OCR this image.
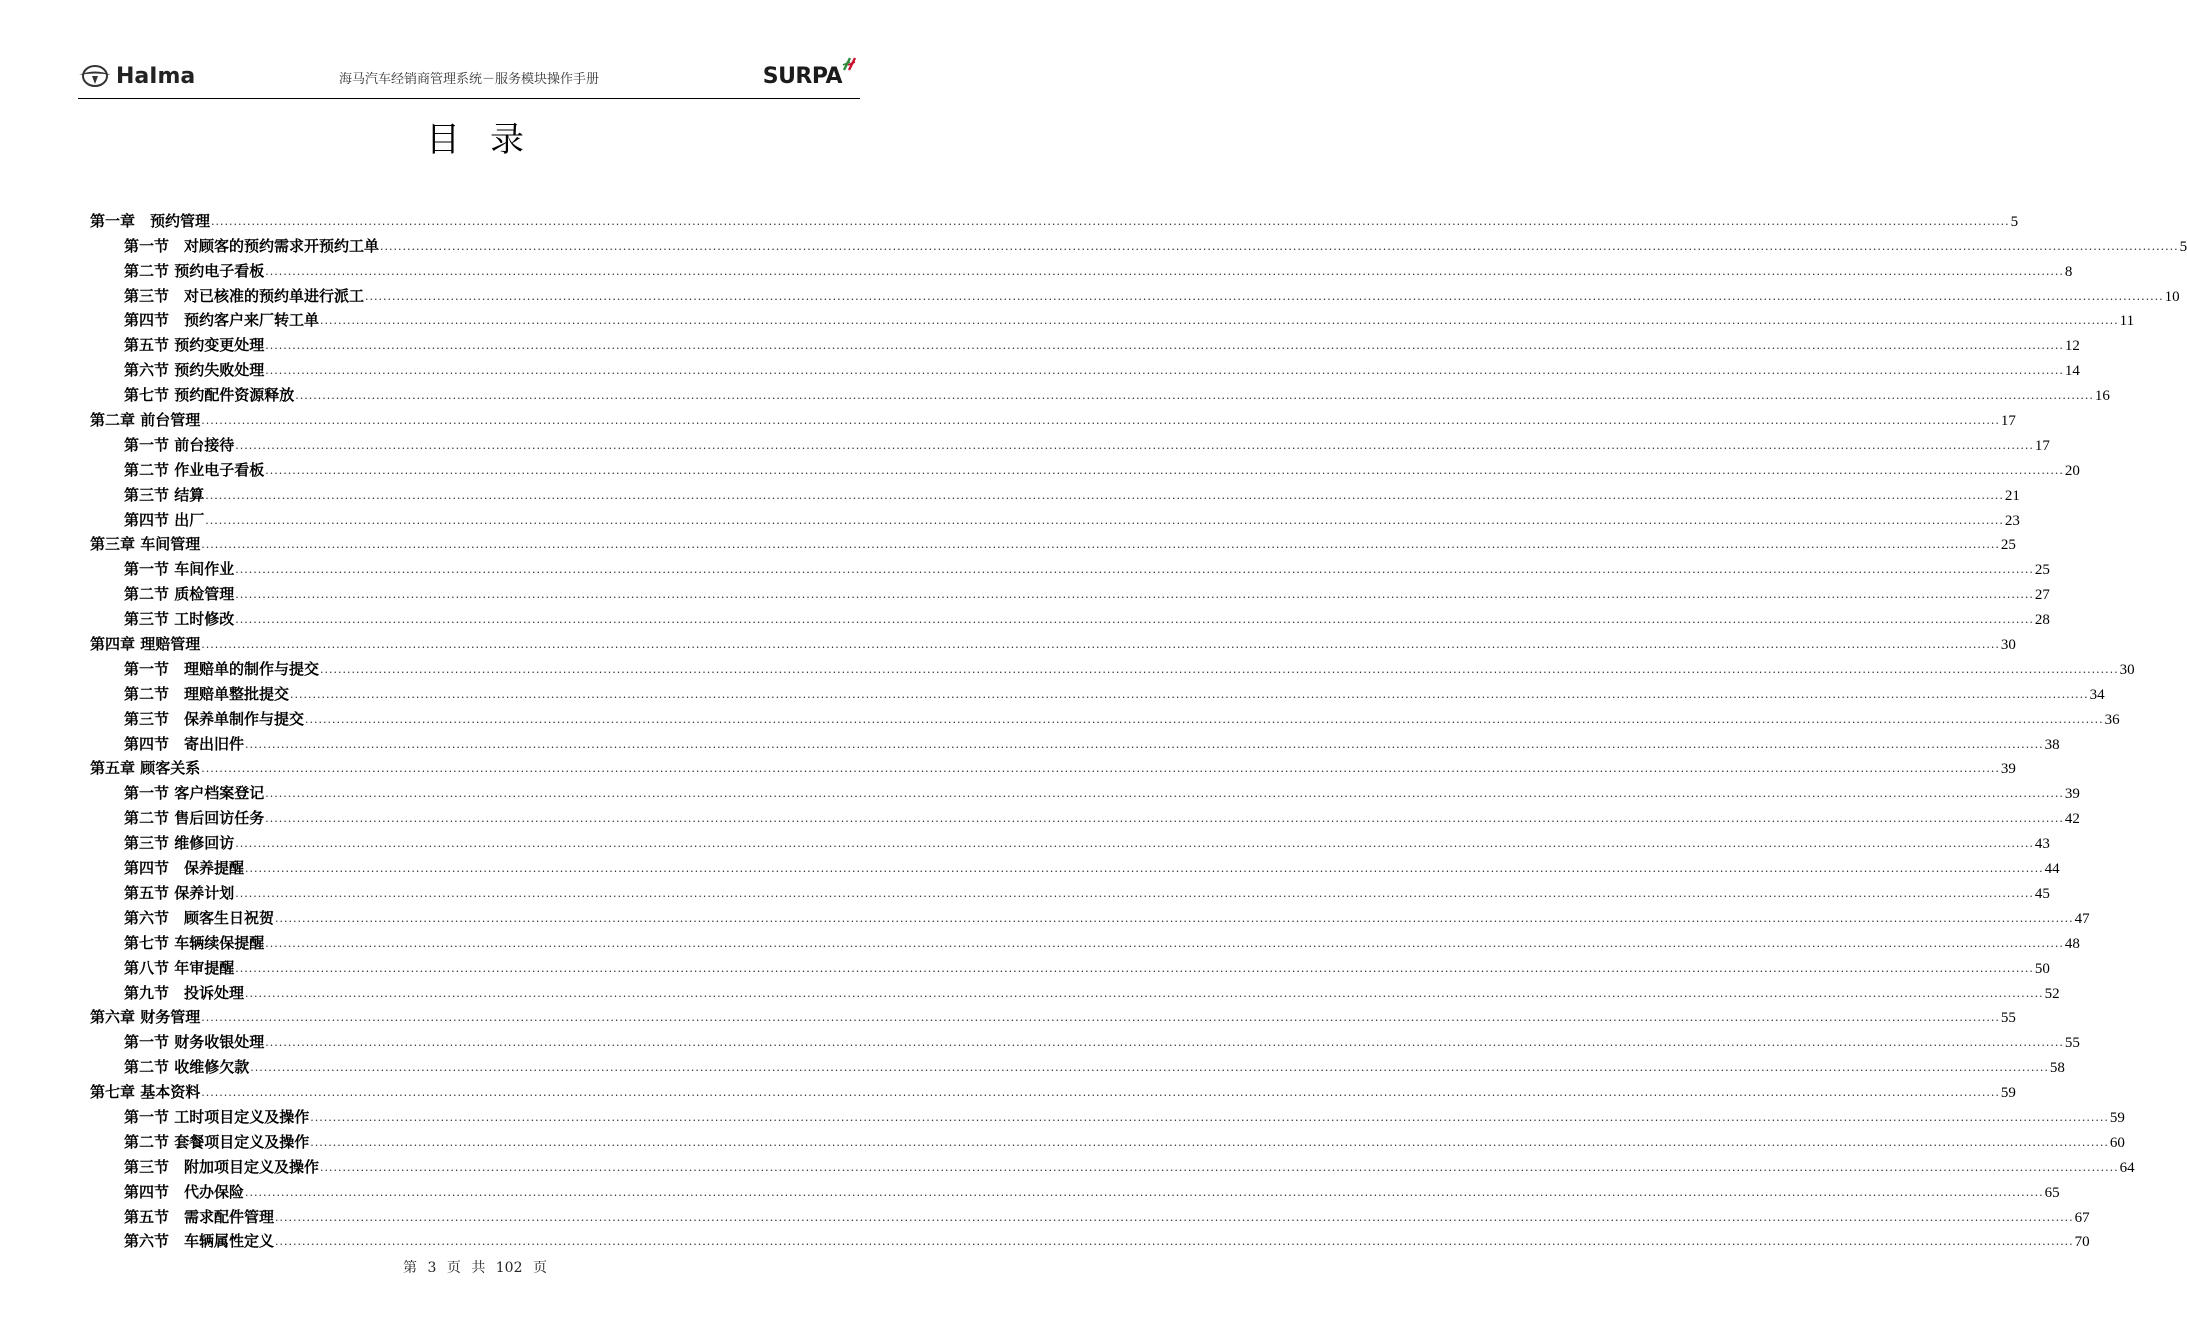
HaIma	海马汽车经销商管理系统－服务模块操作手册	SURPA
目录
第一章　预约管理 ................................................................................................................................................................................................................................................................................................................................................................................................................ 5
第一节　对顾客的预约需求开预约工单 ................................................................................................................................................................................................................................................................................................................................................................................................................ 5
第二节 预约电子看板 ................................................................................................................................................................................................................................................................................................................................................................................................................ 8
第三节　对已核准的预约单进行派工 ................................................................................................................................................................................................................................................................................................................................................................................................................ 10
第四节　预约客户来厂转工单 ................................................................................................................................................................................................................................................................................................................................................................................................................ 11
第五节 预约变更处理 ................................................................................................................................................................................................................................................................................................................................................................................................................ 12
第六节 预约失败处理 ................................................................................................................................................................................................................................................................................................................................................................................................................ 14
第七节 预约配件资源释放 ................................................................................................................................................................................................................................................................................................................................................................................................................ 16
第二章 前台管理 ................................................................................................................................................................................................................................................................................................................................................................................................................ 17
第一节 前台接待 ................................................................................................................................................................................................................................................................................................................................................................................................................ 17
第二节 作业电子看板 ................................................................................................................................................................................................................................................................................................................................................................................................................ 20
第三节 结算 ................................................................................................................................................................................................................................................................................................................................................................................................................ 21
第四节 出厂 ................................................................................................................................................................................................................................................................................................................................................................................................................ 23
第三章 车间管理 ................................................................................................................................................................................................................................................................................................................................................................................................................ 25
第一节 车间作业 ................................................................................................................................................................................................................................................................................................................................................................................................................ 25
第二节 质检管理 ................................................................................................................................................................................................................................................................................................................................................................................................................ 27
第三节 工时修改 ................................................................................................................................................................................................................................................................................................................................................................................................................ 28
第四章 理赔管理 ................................................................................................................................................................................................................................................................................................................................................................................................................ 30
第一节　理赔单的制作与提交 ................................................................................................................................................................................................................................................................................................................................................................................................................ 30
第二节　理赔单整批提交 ................................................................................................................................................................................................................................................................................................................................................................................................................ 34
第三节　保养单制作与提交 ................................................................................................................................................................................................................................................................................................................................................................................................................ 36
第四节　寄出旧件 ................................................................................................................................................................................................................................................................................................................................................................................................................ 38
第五章 顾客关系 ................................................................................................................................................................................................................................................................................................................................................................................................................ 39
第一节 客户档案登记 ................................................................................................................................................................................................................................................................................................................................................................................................................ 39
第二节 售后回访任务 ................................................................................................................................................................................................................................................................................................................................................................................................................ 42
第三节 维修回访 ................................................................................................................................................................................................................................................................................................................................................................................................................ 43
第四节　保养提醒 ................................................................................................................................................................................................................................................................................................................................................................................................................ 44
第五节 保养计划 ................................................................................................................................................................................................................................................................................................................................................................................................................ 45
第六节　顾客生日祝贺 ................................................................................................................................................................................................................................................................................................................................................................................................................ 47
第七节 车辆续保提醒 ................................................................................................................................................................................................................................................................................................................................................................................................................ 48
第八节 年审提醒 ................................................................................................................................................................................................................................................................................................................................................................................................................ 50
第九节　投诉处理 ................................................................................................................................................................................................................................................................................................................................................................................................................ 52
第六章 财务管理 ................................................................................................................................................................................................................................................................................................................................................................................................................ 55
第一节 财务收银处理 ................................................................................................................................................................................................................................................................................................................................................................................................................ 55
第二节 收维修欠款 ................................................................................................................................................................................................................................................................................................................................................................................................................ 58
第七章 基本资料 ................................................................................................................................................................................................................................................................................................................................................................................................................ 59
第一节 工时项目定义及操作 ................................................................................................................................................................................................................................................................................................................................................................................................................ 59
第二节 套餐项目定义及操作 ................................................................................................................................................................................................................................................................................................................................................................................................................ 60
第三节　附加项目定义及操作 ................................................................................................................................................................................................................................................................................................................................................................................................................ 64
第四节　代办保险 ................................................................................................................................................................................................................................................................................................................................................................................................................ 65
第五节　需求配件管理 ................................................................................................................................................................................................................................................................................................................................................................................................................ 67
第六节　车辆属性定义 ................................................................................................................................................................................................................................................................................................................................................................................................................ 70
第 3 页 共 102 页
